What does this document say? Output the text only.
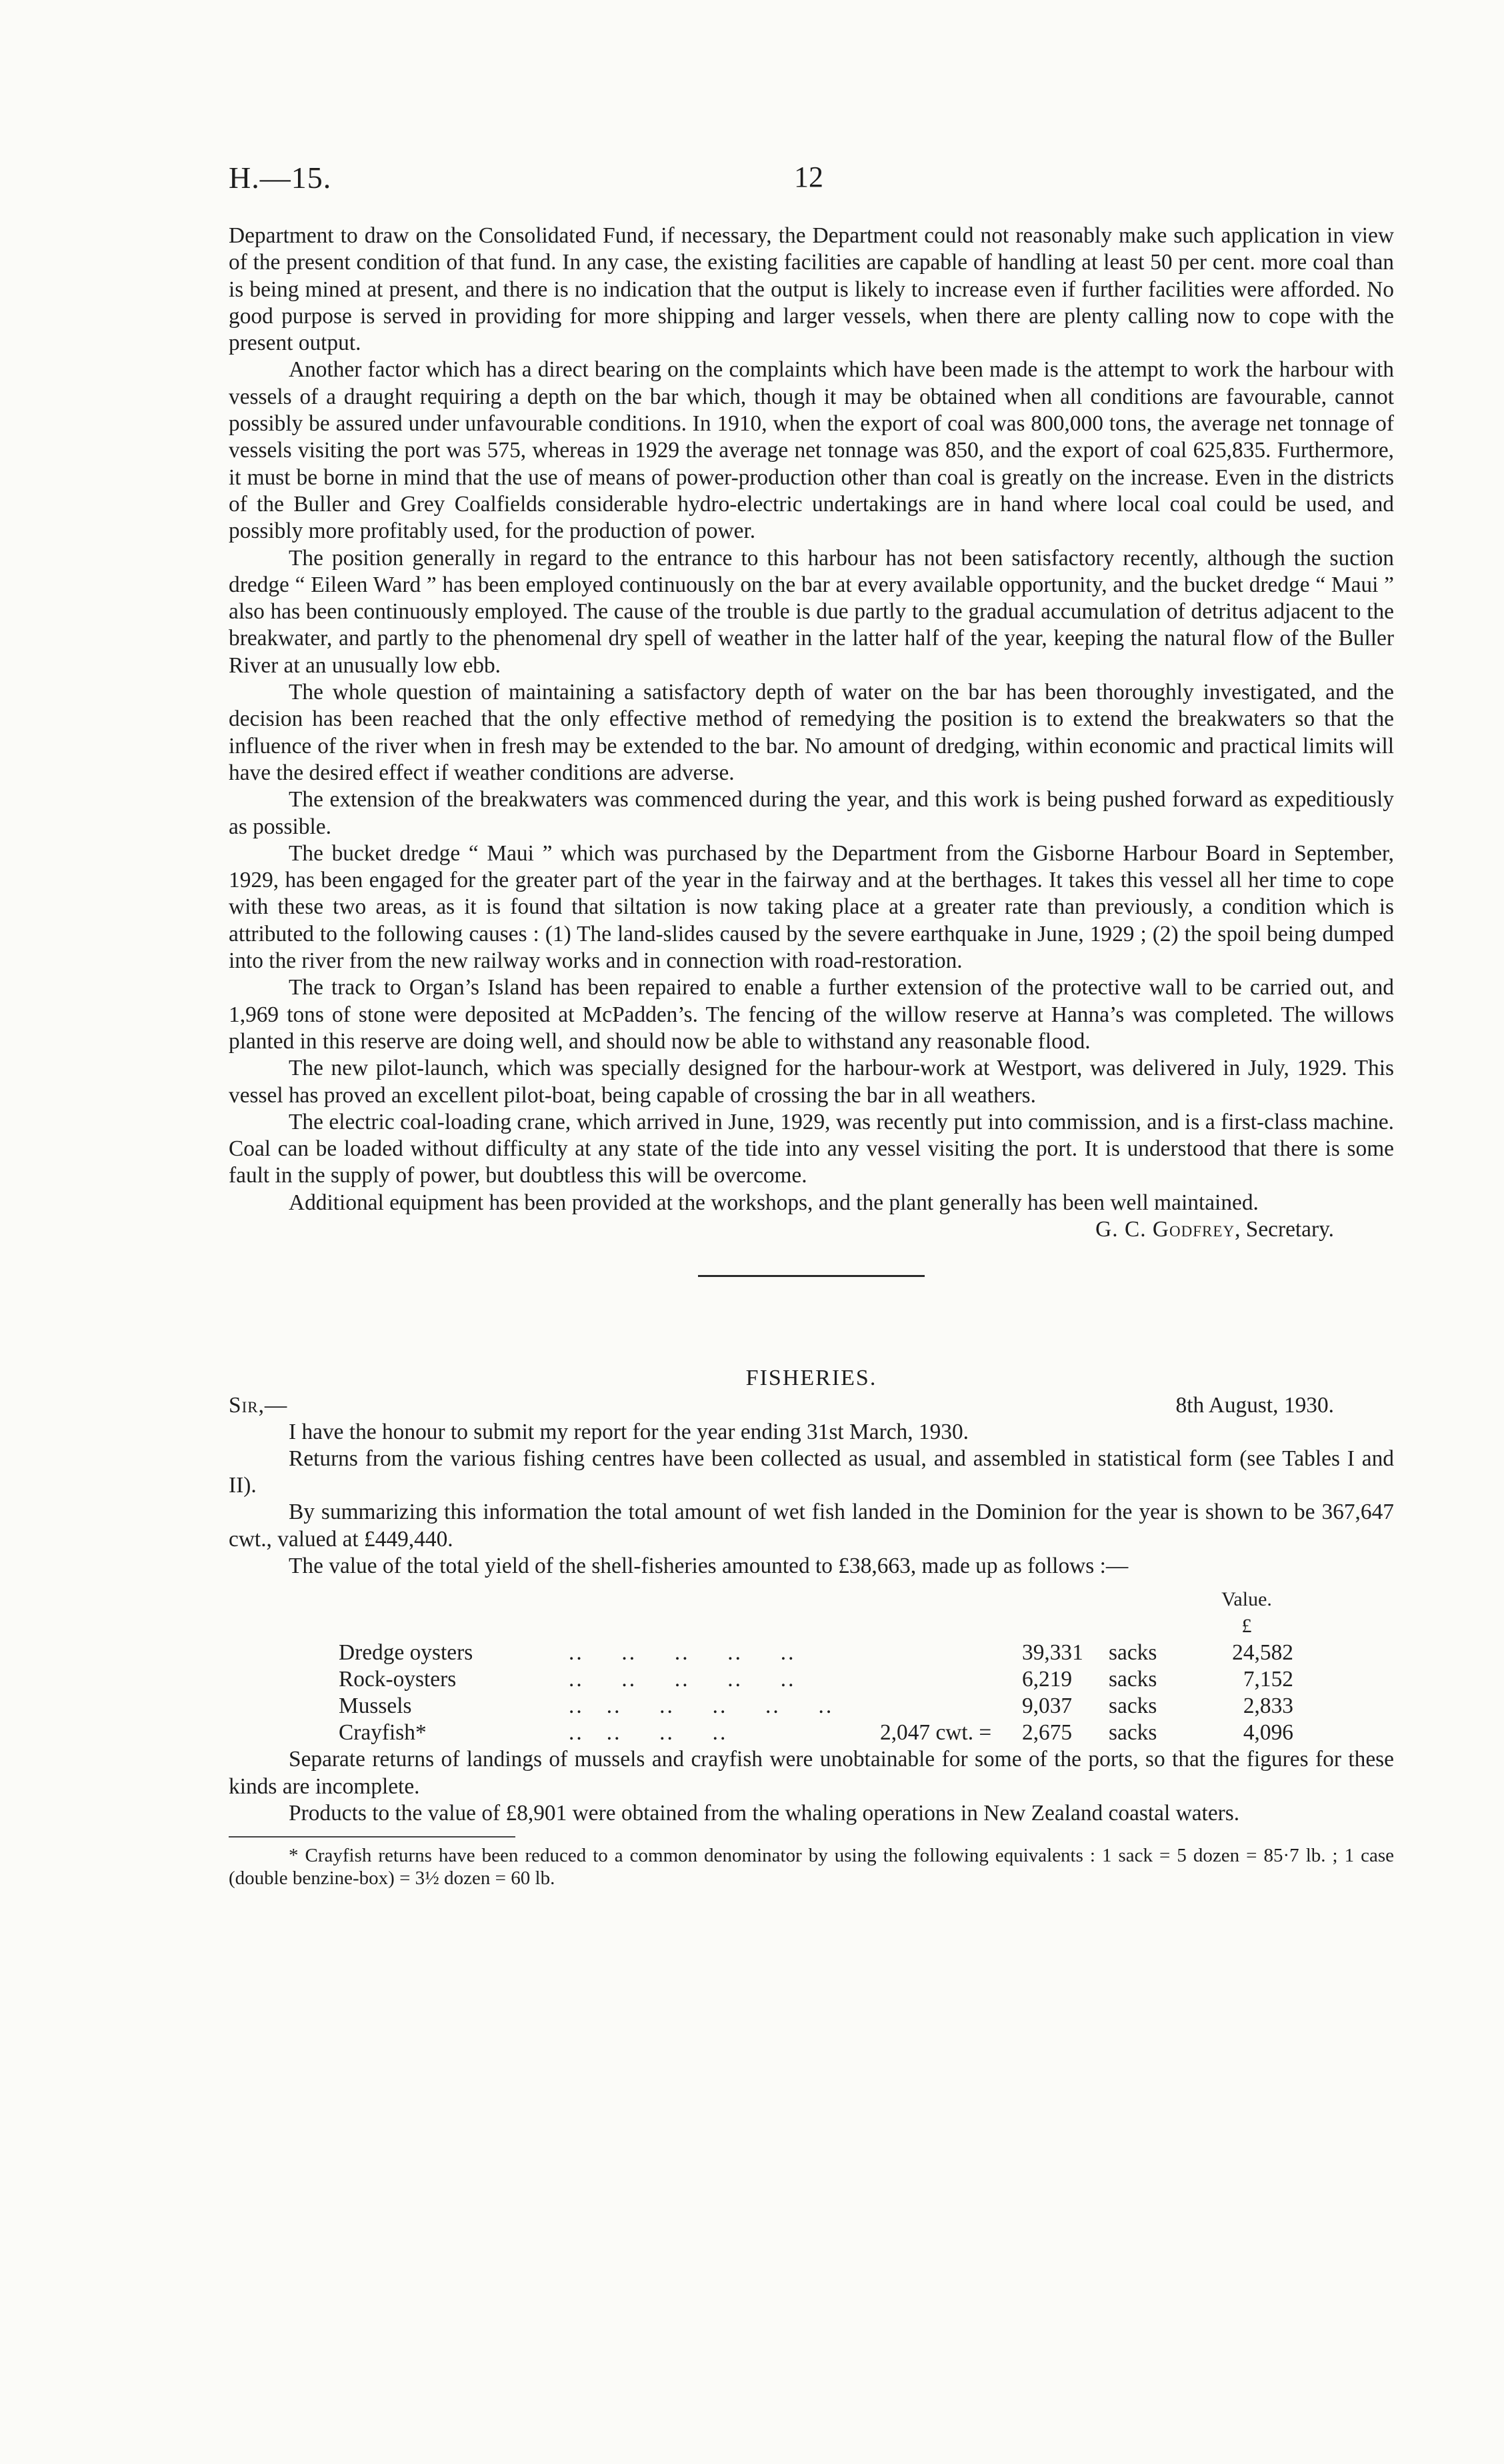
H.—15.	12

Department to draw on the Consolidated Fund, if necessary, the Department could not reasonably make such application in view of the present condition of that fund. In any case, the existing facilities are capable of handling at least 50 per cent. more coal than is being mined at present, and there is no indication that the output is likely to increase even if further facilities were afforded. No good purpose is served in providing for more shipping and larger vessels, when there are plenty calling now to cope with the present output.

Another factor which has a direct bearing on the complaints which have been made is the attempt to work the harbour with vessels of a draught requiring a depth on the bar which, though it may be obtained when all conditions are favourable, cannot possibly be assured under unfavourable conditions. In 1910, when the export of coal was 800,000 tons, the average net tonnage of vessels visiting the port was 575, whereas in 1929 the average net tonnage was 850, and the export of coal 625,835. Furthermore, it must be borne in mind that the use of means of power-production other than coal is greatly on the increase. Even in the districts of the Buller and Grey Coalfields considerable hydro-electric undertakings are in hand where local coal could be used, and possibly more profitably used, for the production of power.

The position generally in regard to the entrance to this harbour has not been satisfactory recently, although the suction dredge “ Eileen Ward ” has been employed continuously on the bar at every available opportunity, and the bucket dredge “ Maui ” also has been continuously employed. The cause of the trouble is due partly to the gradual accumulation of detritus adjacent to the breakwater, and partly to the phenomenal dry spell of weather in the latter half of the year, keeping the natural flow of the Buller River at an unusually low ebb.

The whole question of maintaining a satisfactory depth of water on the bar has been thoroughly investigated, and the decision has been reached that the only effective method of remedying the position is to extend the breakwaters so that the influence of the river when in fresh may be extended to the bar. No amount of dredging, within economic and practical limits will have the desired effect if weather conditions are adverse.

The extension of the breakwaters was commenced during the year, and this work is being pushed forward as expeditiously as possible.

The bucket dredge “ Maui ” which was purchased by the Department from the Gisborne Harbour Board in September, 1929, has been engaged for the greater part of the year in the fairway and at the berthages. It takes this vessel all her time to cope with these two areas, as it is found that siltation is now taking place at a greater rate than previously, a condition which is attributed to the following causes : (1) The land-slides caused by the severe earthquake in June, 1929 ; (2) the spoil being dumped into the river from the new railway works and in connection with road-restoration.

The track to Organ’s Island has been repaired to enable a further extension of the protective wall to be carried out, and 1,969 tons of stone were deposited at McPadden’s. The fencing of the willow reserve at Hanna’s was completed. The willows planted in this reserve are doing well, and should now be able to withstand any reasonable flood.

The new pilot-launch, which was specially designed for the harbour-work at Westport, was delivered in July, 1929. This vessel has proved an excellent pilot-boat, being capable of crossing the bar in all weathers.

The electric coal-loading crane, which arrived in June, 1929, was recently put into commission, and is a first-class machine. Coal can be loaded without difficulty at any state of the tide into any vessel visiting the port. It is understood that there is some fault in the supply of power, but doubtless this will be overcome.

Additional equipment has been provided at the workshops, and the plant generally has been well maintained.

G. C. Godfrey, Secretary.

FISHERIES.
Sir,—	8th August, 1930.

I have the honour to submit my report for the year ending 31st March, 1930.

Returns from the various fishing centres have been collected as usual, and assembled in statistical form (see Tables I and II).

By summarizing this information the total amount of wet fish landed in the Dominion for the year is shown to be 367,647 cwt., valued at £449,440.

The value of the total yield of the shell-fisheries amounted to £38,663, made up as follows :—

Value.
£
Dredge oysters	..     ..     ..     ..     ..	39,331 sacks	24,582
Rock-oysters	..     ..     ..     ..     ..	6,219 sacks	7,152
Mussels	..   ..     ..     ..     ..     ..	9,037 sacks	2,833
Crayfish*	..   ..     ..     ..	2,047 cwt. = 2,675 sacks	4,096

Separate returns of landings of mussels and crayfish were unobtainable for some of the ports, so that the figures for these kinds are incomplete.

Products to the value of £8,901 were obtained from the whaling operations in New Zealand coastal waters.

* Crayfish returns have been reduced to a common denominator by using the following equivalents : 1 sack = 5 dozen = 85·7 lb. ; 1 case (double benzine-box) = 3½ dozen = 60 lb.
